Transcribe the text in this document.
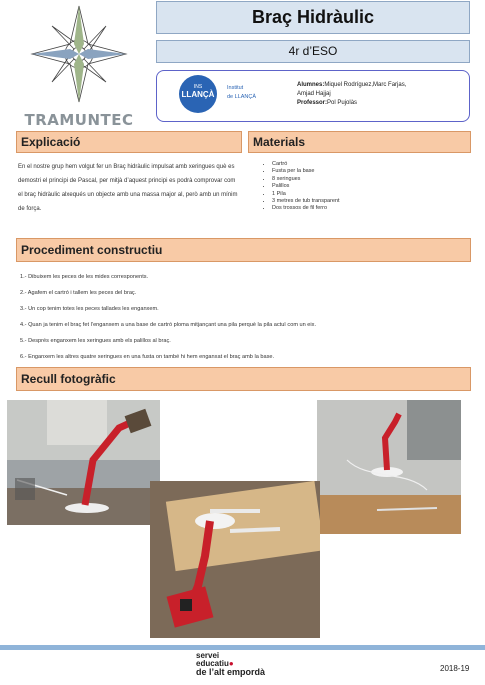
TRAMUNTEC
Braç Hidràulic
4r d’ESO
INS
LLANÇÀ
Institut
de LLANÇÀ
Alumnes:Miquel Rodríguez,Marc Farjas,
Amjad Hajjaj
Professor:Pol Pujolàs
Explicació
En el nostre grup hem volgut fer un Braç hidràulic impulsat amb xeringues què es demostri el principi de Pascal, per mitjà d’aquest principi es podrà comprovar com el braç hidràulic alxequés un objecte amb una massa major al, però amb un mínim de força.
Materials
• Cartró
• Fusta per la base
• 8 xeringues
• Palillos
• 1 Pila
• 3 metres de tub transparent
• Dos trossos de fil ferro
Procediment constructiu
1.- Dibuixem les peces de les mides corresponents.
2.- Agafem el cartró i tallem les peces del braç.
3.- Un cop tenim totes les peces tallades les enganxem.
4.- Quan ja tenim el braç fet l’enganxem a una base de cartró ploma mitjançant una pila perquè la pila actuï com un eix.
5.- Després enganxem les xeringues amb els palillos al braç.
6.- Enganxem les altres quatre xeringues en una fusta on també hi hem enganxat el braç amb la base.
Recull fotogràfic
servei
educatiu●
de l’alt empordà	2018-19
